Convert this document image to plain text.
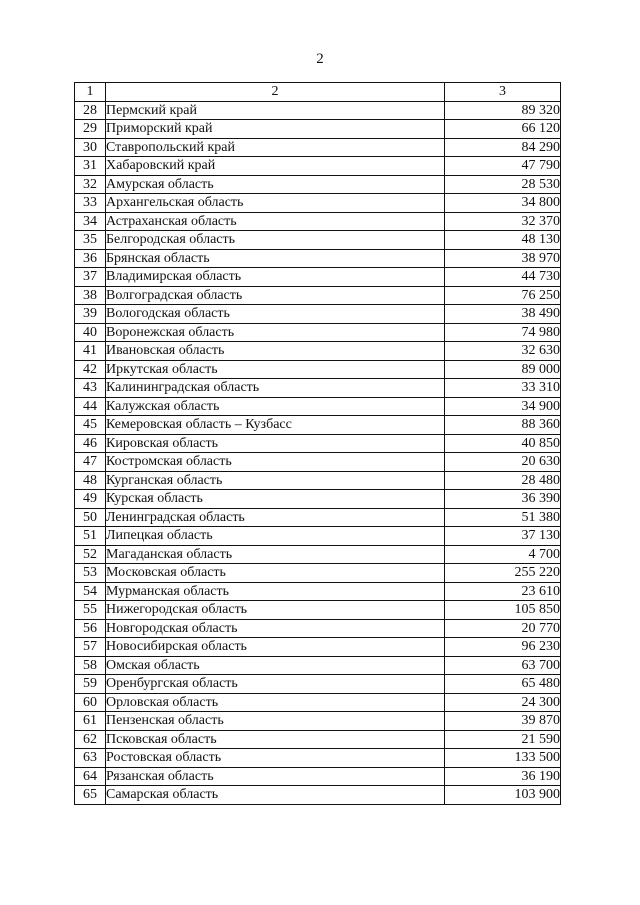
2
1	2	3
28	Пермский край	89 320
29	Приморский край	66 120
30	Ставропольский край	84 290
31	Хабаровский край	47 790
32	Амурская область	28 530
33	Архангельская область	34 800
34	Астраханская область	32 370
35	Белгородская область	48 130
36	Брянская область	38 970
37	Владимирская область	44 730
38	Волгоградская область	76 250
39	Вологодская область	38 490
40	Воронежская область	74 980
41	Ивановская область	32 630
42	Иркутская область	89 000
43	Калининградская область	33 310
44	Калужская область	34 900
45	Кемеровская область – Кузбасс	88 360
46	Кировская область	40 850
47	Костромская область	20 630
48	Курганская область	28 480
49	Курская область	36 390
50	Ленинградская область	51 380
51	Липецкая область	37 130
52	Магаданская область	4 700
53	Московская область	255 220
54	Мурманская область	23 610
55	Нижегородская область	105 850
56	Новгородская область	20 770
57	Новосибирская область	96 230
58	Омская область	63 700
59	Оренбургская область	65 480
60	Орловская область	24 300
61	Пензенская область	39 870
62	Псковская область	21 590
63	Ростовская область	133 500
64	Рязанская область	36 190
65	Самарская область	103 900
